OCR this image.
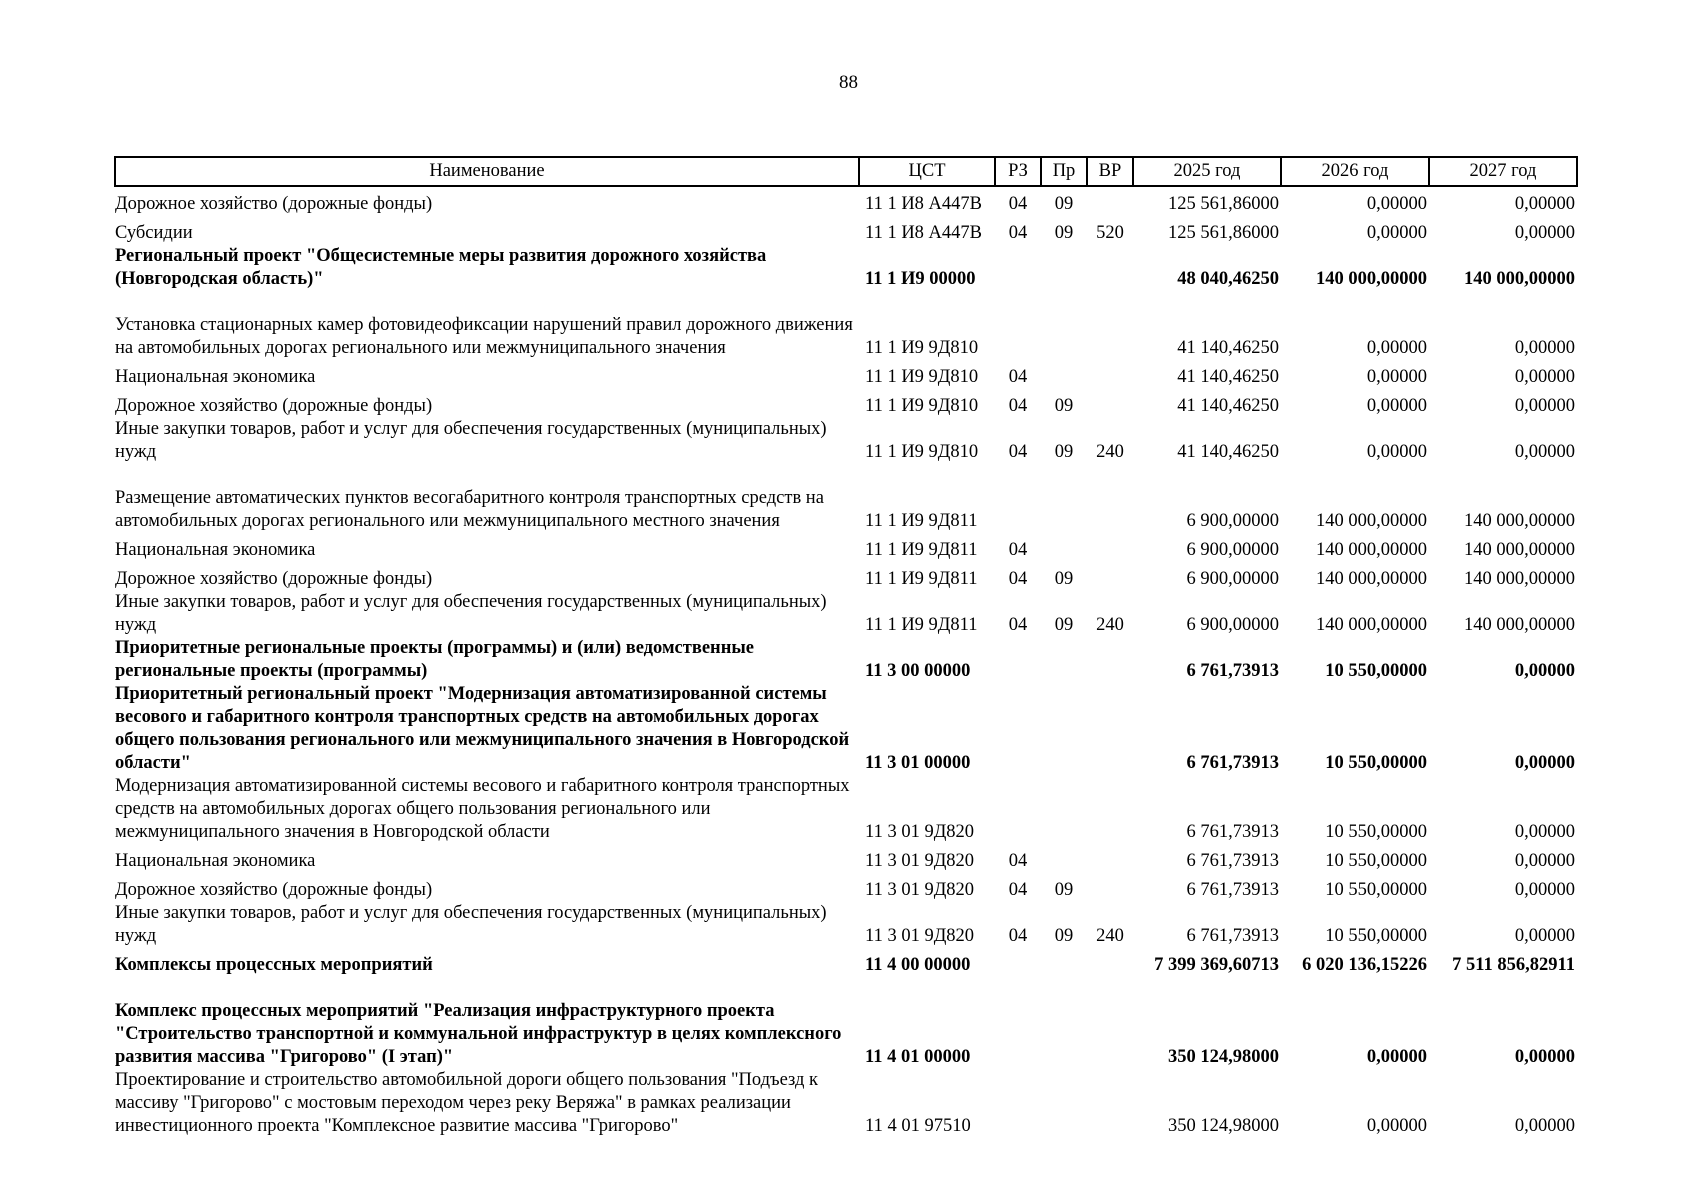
88
Наименование	ЦСТ	РЗ	Пр	ВР	2025 год	2026 год	2027 год
Дорожное хозяйство (дорожные фонды)	11 1 И8 А447В	04	09		125 561,86000	0,00000	0,00000
Субсидии	11 1 И8 А447В	04	09	520	125 561,86000	0,00000	0,00000
Региональный проект "Общесистемные меры развития дорожного хозяйства (Новгородская область)"	11 1 И9 00000				48 040,46250	140 000,00000	140 000,00000
Установка стационарных камер фотовидеофиксации нарушений правил дорожного движения на автомобильных дорогах регионального или межмуниципального значения	11 1 И9 9Д810				41 140,46250	0,00000	0,00000
Национальная экономика	11 1 И9 9Д810	04			41 140,46250	0,00000	0,00000
Дорожное хозяйство (дорожные фонды)	11 1 И9 9Д810	04	09		41 140,46250	0,00000	0,00000
Иные закупки товаров, работ и услуг для обеспечения государственных (муниципальных) нужд	11 1 И9 9Д810	04	09	240	41 140,46250	0,00000	0,00000
Размещение автоматических пунктов весогабаритного контроля транспортных средств на автомобильных дорогах регионального или межмуниципального местного значения	11 1 И9 9Д811				6 900,00000	140 000,00000	140 000,00000
Национальная экономика	11 1 И9 9Д811	04			6 900,00000	140 000,00000	140 000,00000
Дорожное хозяйство (дорожные фонды)	11 1 И9 9Д811	04	09		6 900,00000	140 000,00000	140 000,00000
Иные закупки товаров, работ и услуг для обеспечения государственных (муниципальных) нужд	11 1 И9 9Д811	04	09	240	6 900,00000	140 000,00000	140 000,00000
Приоритетные региональные проекты (программы) и (или) ведомственные региональные проекты (программы)	11 3 00 00000				6 761,73913	10 550,00000	0,00000
Приоритетный региональный проект "Модернизация автоматизированной системы весового и габаритного контроля транспортных средств на автомобильных дорогах общего пользования регионального или межмуниципального значения в Новгородской области"	11 3 01 00000				6 761,73913	10 550,00000	0,00000
Модернизация автоматизированной системы весового и габаритного контроля транспортных средств на автомобильных дорогах общего пользования регионального или межмуниципального значения в Новгородской области	11 3 01 9Д820				6 761,73913	10 550,00000	0,00000
Национальная экономика	11 3 01 9Д820	04			6 761,73913	10 550,00000	0,00000
Дорожное хозяйство (дорожные фонды)	11 3 01 9Д820	04	09		6 761,73913	10 550,00000	0,00000
Иные закупки товаров, работ и услуг для обеспечения государственных (муниципальных) нужд	11 3 01 9Д820	04	09	240	6 761,73913	10 550,00000	0,00000
Комплексы процессных мероприятий	11 4 00 00000				7 399 369,60713	6 020 136,15226	7 511 856,82911
Комплекс процессных мероприятий "Реализация инфраструктурного проекта "Строительство транспортной и коммунальной инфраструктур в целях комплексного развития массива "Григорово" (I этап)"	11 4 01 00000				350 124,98000	0,00000	0,00000
Проектирование и строительство автомобильной дороги общего пользования "Подъезд к массиву "Григорово" с мостовым переходом через реку Веряжа" в рамках реализации инвестиционного проекта "Комплексное развитие массива "Григорово"	11 4 01 97510				350 124,98000	0,00000	0,00000
